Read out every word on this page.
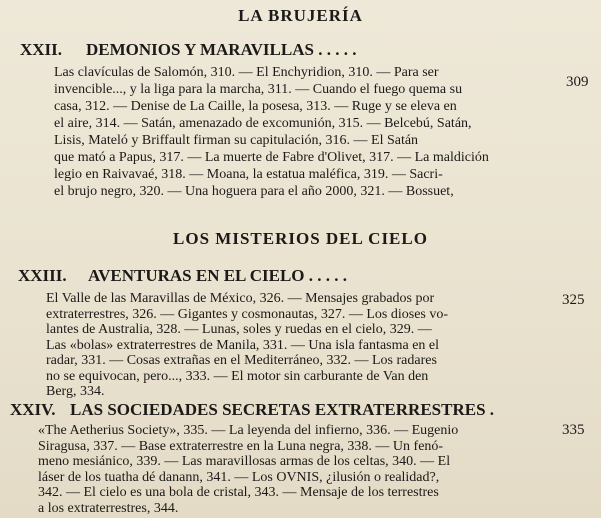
LA BRUJERÍA
XXII. DEMONIOS Y MARAVILLAS . . . . .
309
Las clavículas de Salomón, 310. — El Enchyridion, 310. — Para ser
invencible..., y la liga para la marcha, 311. — Cuando el fuego quema su
casa, 312. — Denise de La Caille, la posesa, 313. — Ruge y se eleva en
el aire, 314. — Satán, amenazado de excomunión, 315. — Belcebú, Satán,
Lisis, Mateló y Briffault firman su capitulación, 316. — El Satán
que mató a Papus, 317. — La muerte de Fabre d'Olivet, 317. — La maldición
legio en Raivavaé, 318. — Moana, la estatua maléfica, 319. — Sacri-
el brujo negro, 320. — Una hoguera para el año 2000, 321. — Bossuet,
LOS MISTERIOS DEL CIELO
XXIII. AVENTURAS EN EL CIELO . . . . .
325
El Valle de las Maravillas de México, 326. — Mensajes grabados por
extraterrestres, 326. — Gigantes y cosmonautas, 327. — Los dioses vo-
lantes de Australia, 328. — Lunas, soles y ruedas en el cielo, 329. —
Las «bolas» extraterrestres de Manila, 331. — Una isla fantasma en el
radar, 331. — Cosas extrañas en el Mediterráneo, 332. — Los radares
no se equivocan, pero..., 333. — El motor sin carburante de Van den
Berg, 334.
XXIV. LAS SOCIEDADES SECRETAS EXTRATERRESTRES .
335
«The Aetherius Society», 335. — La leyenda del infierno, 336. — Eugenio
Siragusa, 337. — Base extraterrestre en la Luna negra, 338. — Un fenó-
meno mesiánico, 339. — Las maravillosas armas de los celtas, 340. — El
láser de los tuatha dé danann, 341. — Los OVNIS, ¿ilusión o realidad?,
342. — El cielo es una bola de cristal, 343. — Mensaje de los terrestres
a los extraterrestres, 344.
